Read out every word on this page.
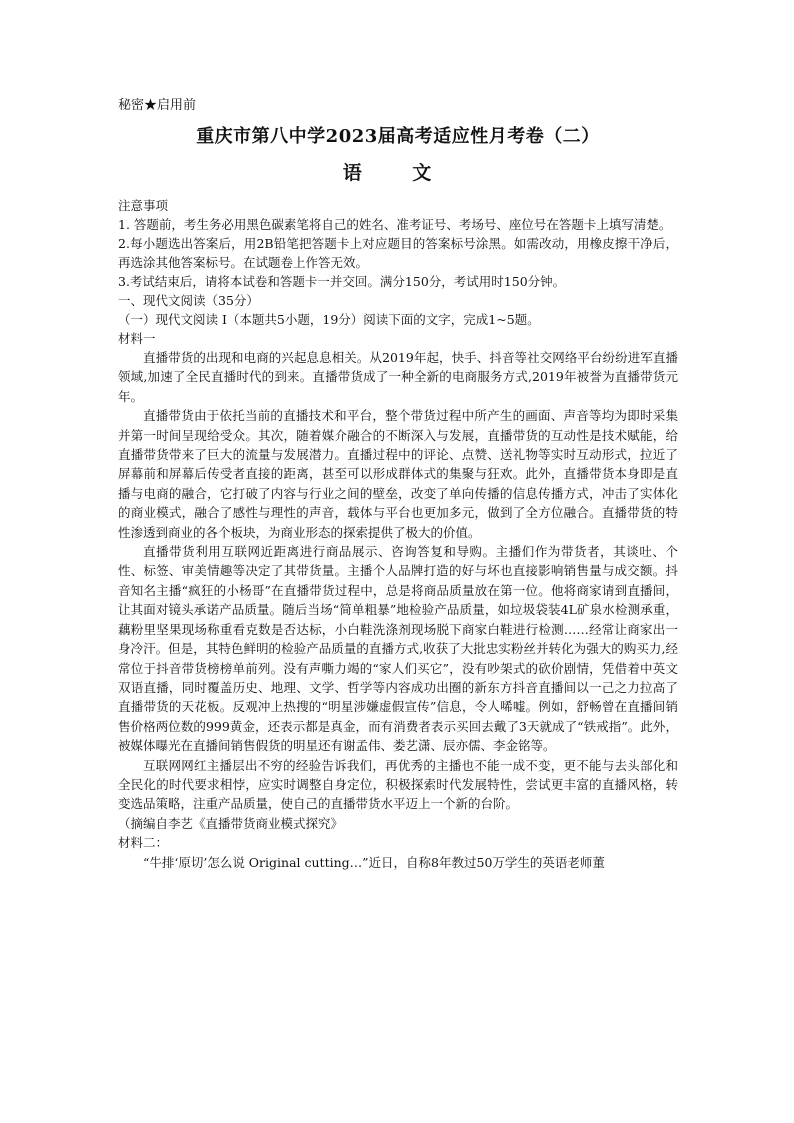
秘密★启用前
重庆市第八中学2023届高考适应性月考卷（二）
语 文
注意事项
1. 答题前，考生务必用黑色碳素笔将自己的姓名、准考证号、考场号、座位号在答题卡上填写清楚。
2.每小题选出答案后，用2B铅笔把答题卡上对应题目的答案标号涂黑。如需改动，用橡皮擦干净后，再选涂其他答案标号。在试题卷上作答无效。
3.考试结束后，请将本试卷和答题卡一并交回。满分150分，考试用时150分钟。
一、现代文阅读（35分）
（一）现代文阅读 I（本题共5小题，19分）阅读下面的文字，完成1~5题。
材料一

直播带货的出现和电商的兴起息息相关。从2019年起，快手、抖音等社交网络平台纷纷进军直播领域,加速了全民直播时代的到来。直播带货成了一种全新的电商服务方式,2019年被誉为直播带货元年。

直播带货由于依托当前的直播技术和平台，整个带货过程中所产生的画面、声音等均为即时采集并第一时间呈现给受众。其次，随着媒介融合的不断深入与发展，直播带货的互动性是技术赋能，给直播带货带来了巨大的流量与发展潜力。直播过程中的评论、点赞、送礼物等实时互动形式，拉近了屏幕前和屏幕后传受者直接的距离，甚至可以形成群体式的集聚与狂欢。此外，直播带货本身即是直播与电商的融合，它打破了内容与行业之间的壁垒，改变了单向传播的信息传播方式，冲击了实体化的商业模式，融合了感性与理性的声音，载体与平台也更加多元，做到了全方位融合。直播带货的特性渗透到商业的各个板块，为商业形态的探索提供了极大的价值。

直播带货利用互联网近距离进行商品展示、咨询答复和导购。主播们作为带货者，其谈吐、个性、标签、审美情趣等决定了其带货量。主播个人品牌打造的好与坏也直接影响销售量与成交额。抖音知名主播“疯狂的小杨哥”在直播带货过程中，总是将商品质量放在第一位。他将商家请到直播间，让其面对镜头承诺产品质量。随后当场“简单粗暴”地检验产品质量，如垃圾袋装4L矿泉水检测承重，藕粉里坚果现场称重看克数是否达标，小白鞋洗涤剂现场脱下商家白鞋进行检测……经常让商家出一身冷汗。但是，其特色鲜明的检验产品质量的直播方式,收获了大批忠实粉丝并转化为强大的购买力,经常位于抖音带货榜榜单前列。没有声嘶力竭的“家人们买它”，没有吵架式的砍价剧情，凭借着中英文双语直播，同时覆盖历史、地理、文学、哲学等内容成功出圈的新东方抖音直播间以一己之力拉高了直播带货的天花板。反观冲上热搜的“明星涉嫌虚假宣传”信息，令人唏嘘。例如，舒畅曾在直播间销售价格两位数的999黄金，还表示都是真金，而有消费者表示买回去戴了3天就成了“铁戒指”。此外，被媒体曝光在直播间销售假货的明星还有谢孟伟、娄艺潇、辰亦儒、李金铭等。

互联网网红主播层出不穷的经验告诉我们，再优秀的主播也不能一成不变，更不能与去头部化和全民化的时代要求相悖，应实时调整自身定位，积极探索时代发展特性，尝试更丰富的直播风格，转变选品策略，注重产品质量，使自己的直播带货水平迈上一个新的台阶。

（摘编自李艺《直播带货商业模式探究》
材料二：

“牛排‘原切’怎么说 Original cutting…”近日，自称8年教过50万学生的英语老师董
